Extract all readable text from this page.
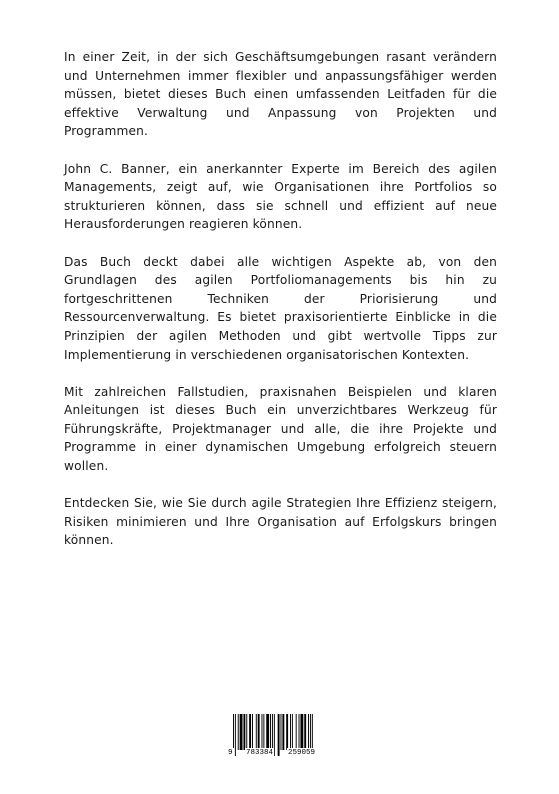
In einer Zeit, in der sich Geschäftsumgebungen rasant verändern und Unternehmen immer flexibler und anpassungsfähiger werden müssen, bietet dieses Buch einen umfassenden Leitfaden für die effektive Verwaltung und Anpassung von Projekten und Programmen.

John C. Banner, ein anerkannter Experte im Bereich des agilen Managements, zeigt auf, wie Organisationen ihre Portfolios so strukturieren können, dass sie schnell und effizient auf neue Herausforderungen reagieren können.

Das Buch deckt dabei alle wichtigen Aspekte ab, von den Grundlagen des agilen Portfoliomanagements bis hin zu fortgeschrittenen Techniken der Priorisierung und Ressourcenverwaltung. Es bietet praxisorientierte Einblicke in die Prinzipien der agilen Methoden und gibt wertvolle Tipps zur Implementierung in verschiedenen organisatorischen Kontexten.

Mit zahlreichen Fallstudien, praxisnahen Beispielen und klaren Anleitungen ist dieses Buch ein unverzichtbares Werkzeug für Führungskräfte, Projektmanager und alle, die ihre Projekte und Programme in einer dynamischen Umgebung erfolgreich steuern wollen.

Entdecken Sie, wie Sie durch agile Strategien Ihre Effizienz steigern, Risiken minimieren und Ihre Organisation auf Erfolgskurs bringen können.

9 783384 259059
